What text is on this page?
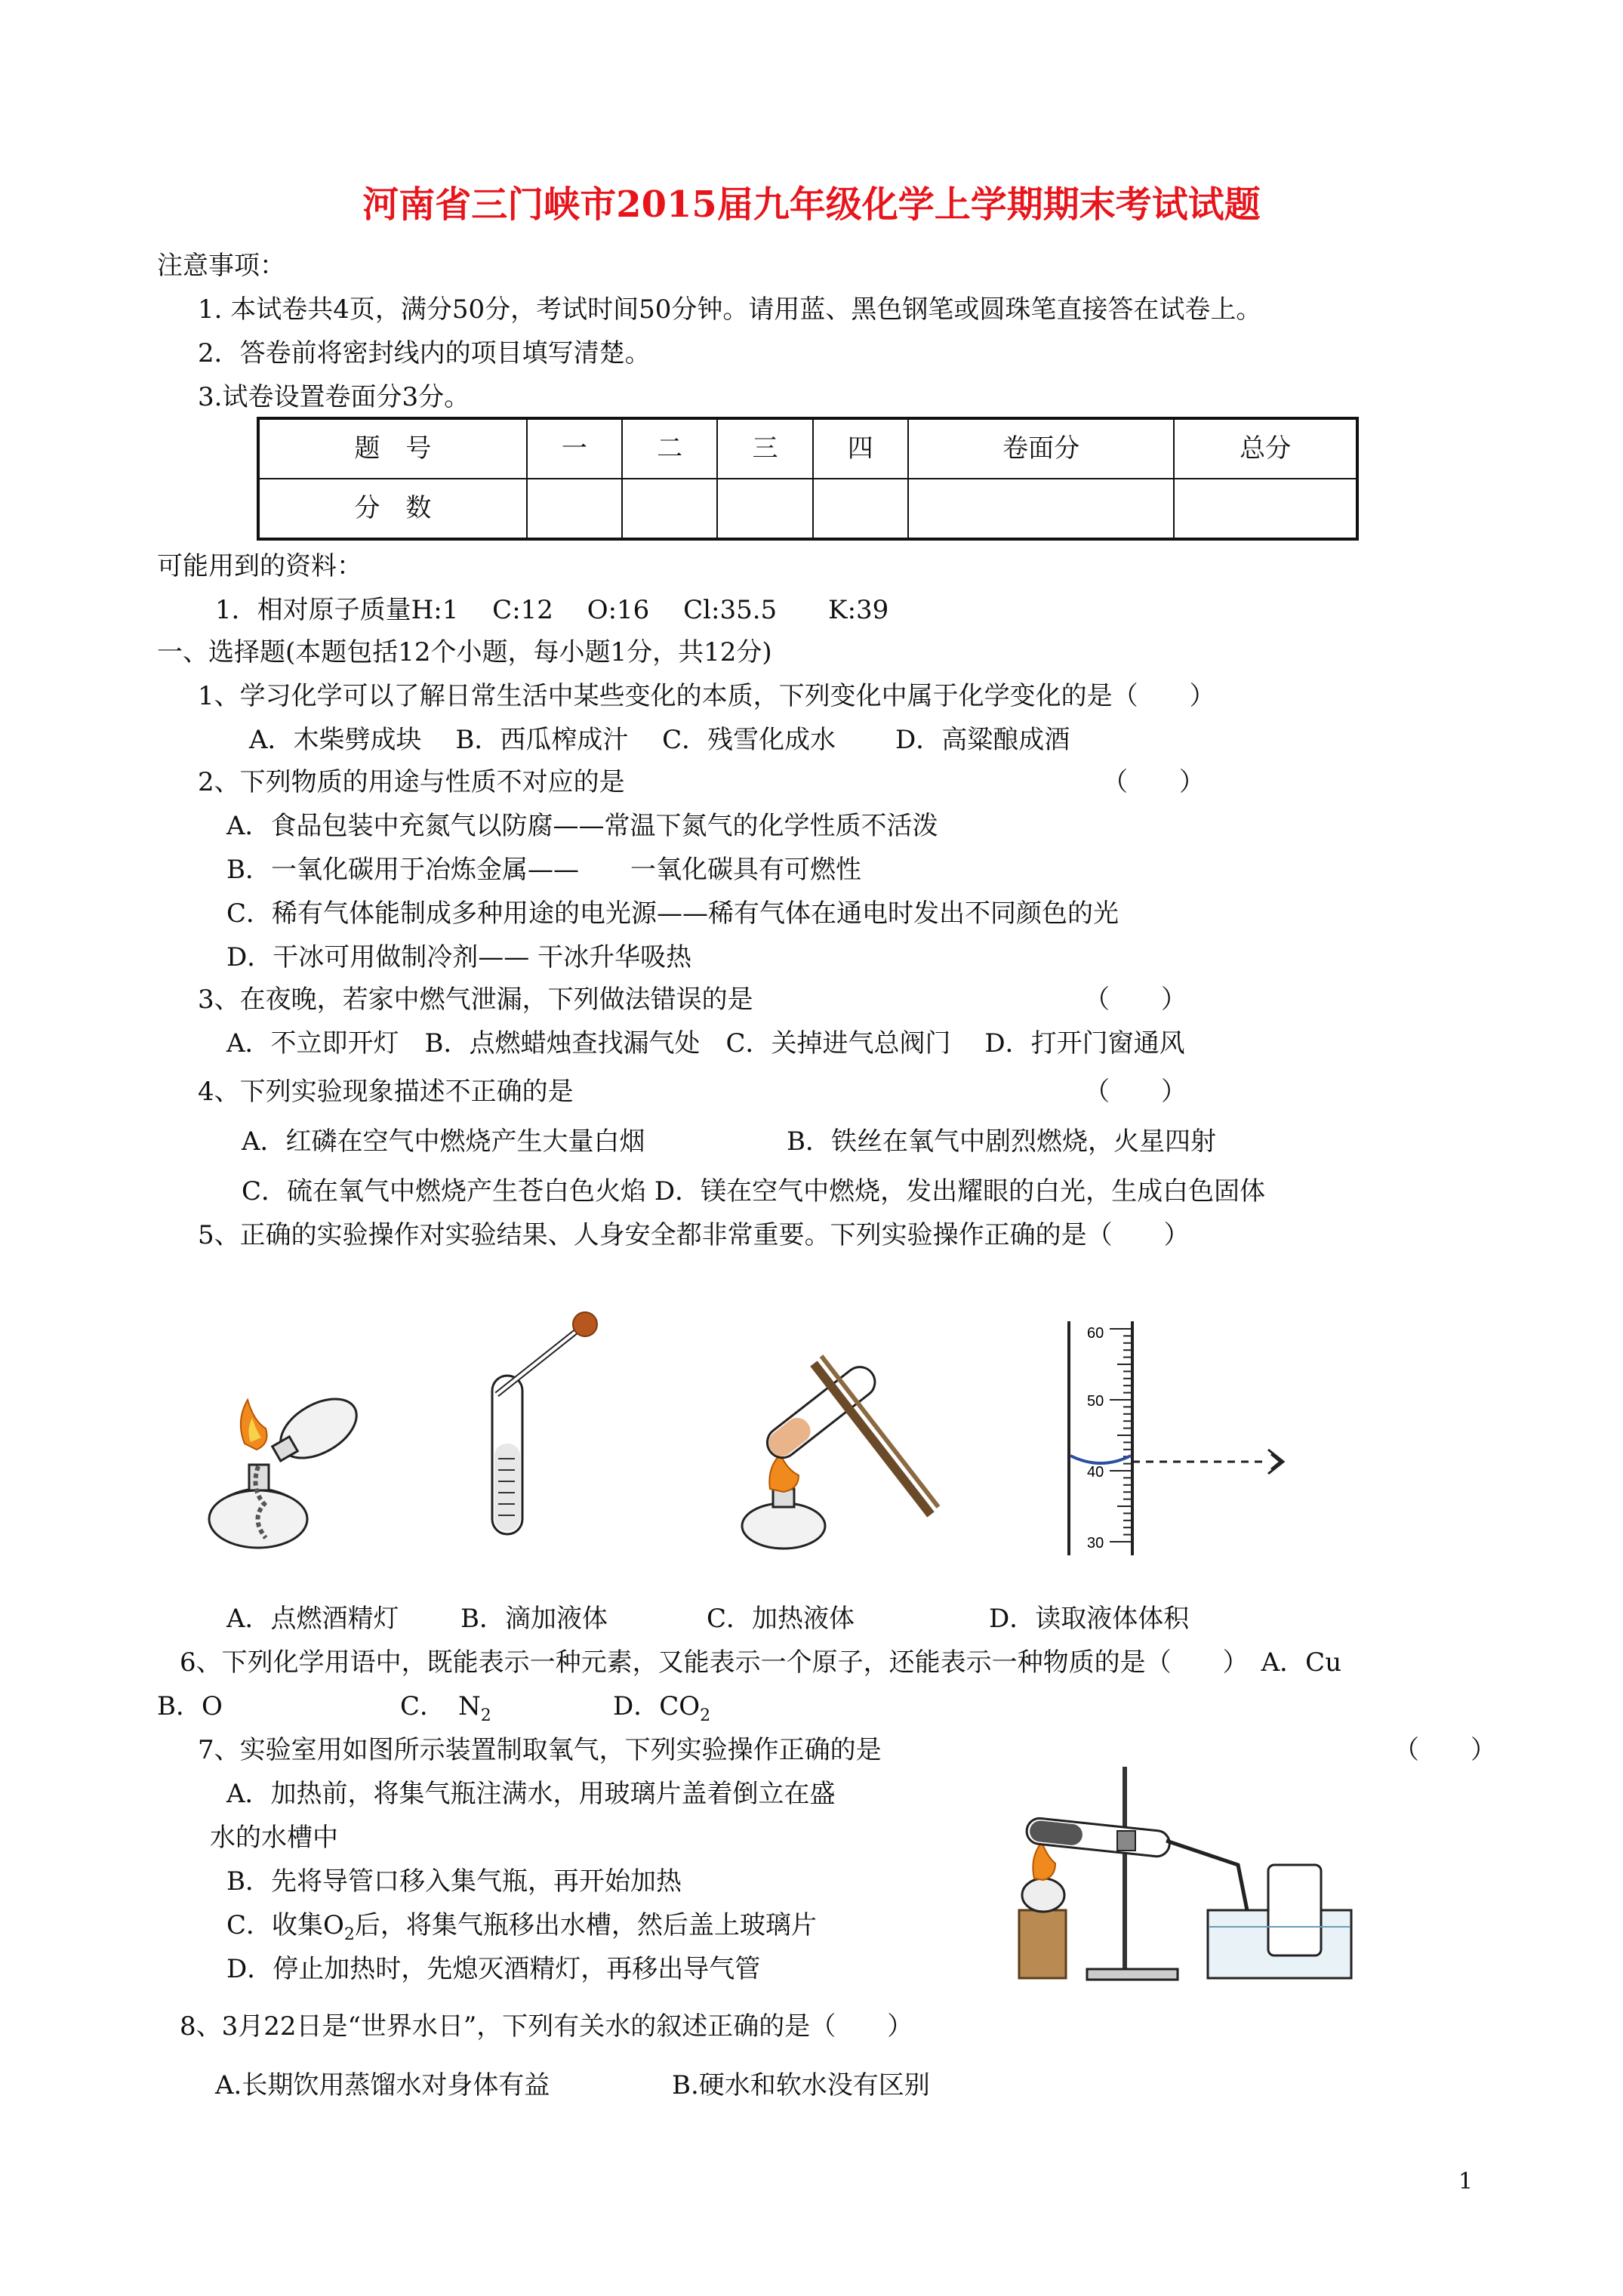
河南省三门峡市2015届九年级化学上学期期末考试试题
注意事项：
1. 本试卷共4页，满分50分，考试时间50分钟。请用蓝、黑色钢笔或圆珠笔直接答在试卷上。
2．答卷前将密封线内的项目填写清楚。
3.试卷设置卷面分3分。
题　号	一	二	三	四	卷面分	总分
分　数						
可能用到的资料：
1．相对原子质量H:1　 C:12　 O:16　 Cl:35.5　　K:39
一、选择题(本题包括12个小题，每小题1分，共12分)
1、学习化学可以了解日常生活中某些变化的本质，下列变化中属于化学变化的是（　　）
A．木柴劈成块　 B．西瓜榨成汁　 C．残雪化成水　　 D．高粱酿成酒
2、下列物质的用途与性质不对应的是	（　　）
A．食品包装中充氮气以防腐——常温下氮气的化学性质不活泼
B．一氧化碳用于冶炼金属——　　一氧化碳具有可燃性
C．稀有气体能制成多种用途的电光源——稀有气体在通电时发出不同颜色的光
D．干冰可用做制冷剂—— 干冰升华吸热
3、在夜晚，若家中燃气泄漏，下列做法错误的是	（　　）
A．不立即开灯　B．点燃蜡烛查找漏气处　C．关掉进气总阀门　 D．打开门窗通风
4、下列实验现象描述不正确的是	（　　）
A．红磷在空气中燃烧产生大量白烟	B．铁丝在氧气中剧烈燃烧，火星四射
C．硫在氧气中燃烧产生苍白色火焰 D．镁在空气中燃烧，发出耀眼的白光，生成白色固体
5、正确的实验操作对实验结果、人身安全都非常重要。下列实验操作正确的是（　　）
60
50
40
30
A．点燃酒精灯 B．滴加液体	C．加热液体	D．读取液体体积
6、下列化学用语中，既能表示一种元素，又能表示一个原子，还能表示一种物质的是（　　）　A．Cu
B．O	C．　$N_2$	D．$CO_2$
7、实验室用如图所示装置制取氧气，下列实验操作正确的是	（　　）
A．加热前，将集气瓶注满水，用玻璃片盖着倒立在盛
水的水槽中
B．先将导管口移入集气瓶，再开始加热
C．收集$O_2$后，将集气瓶移出水槽，然后盖上玻璃片
D．停止加热时，先熄灭酒精灯，再移出导气管
8、3月22日是“世界水日”，下列有关水的叙述正确的是（　　）
A.长期饮用蒸馏水对身体有益	B.硬水和软水没有区别
1
